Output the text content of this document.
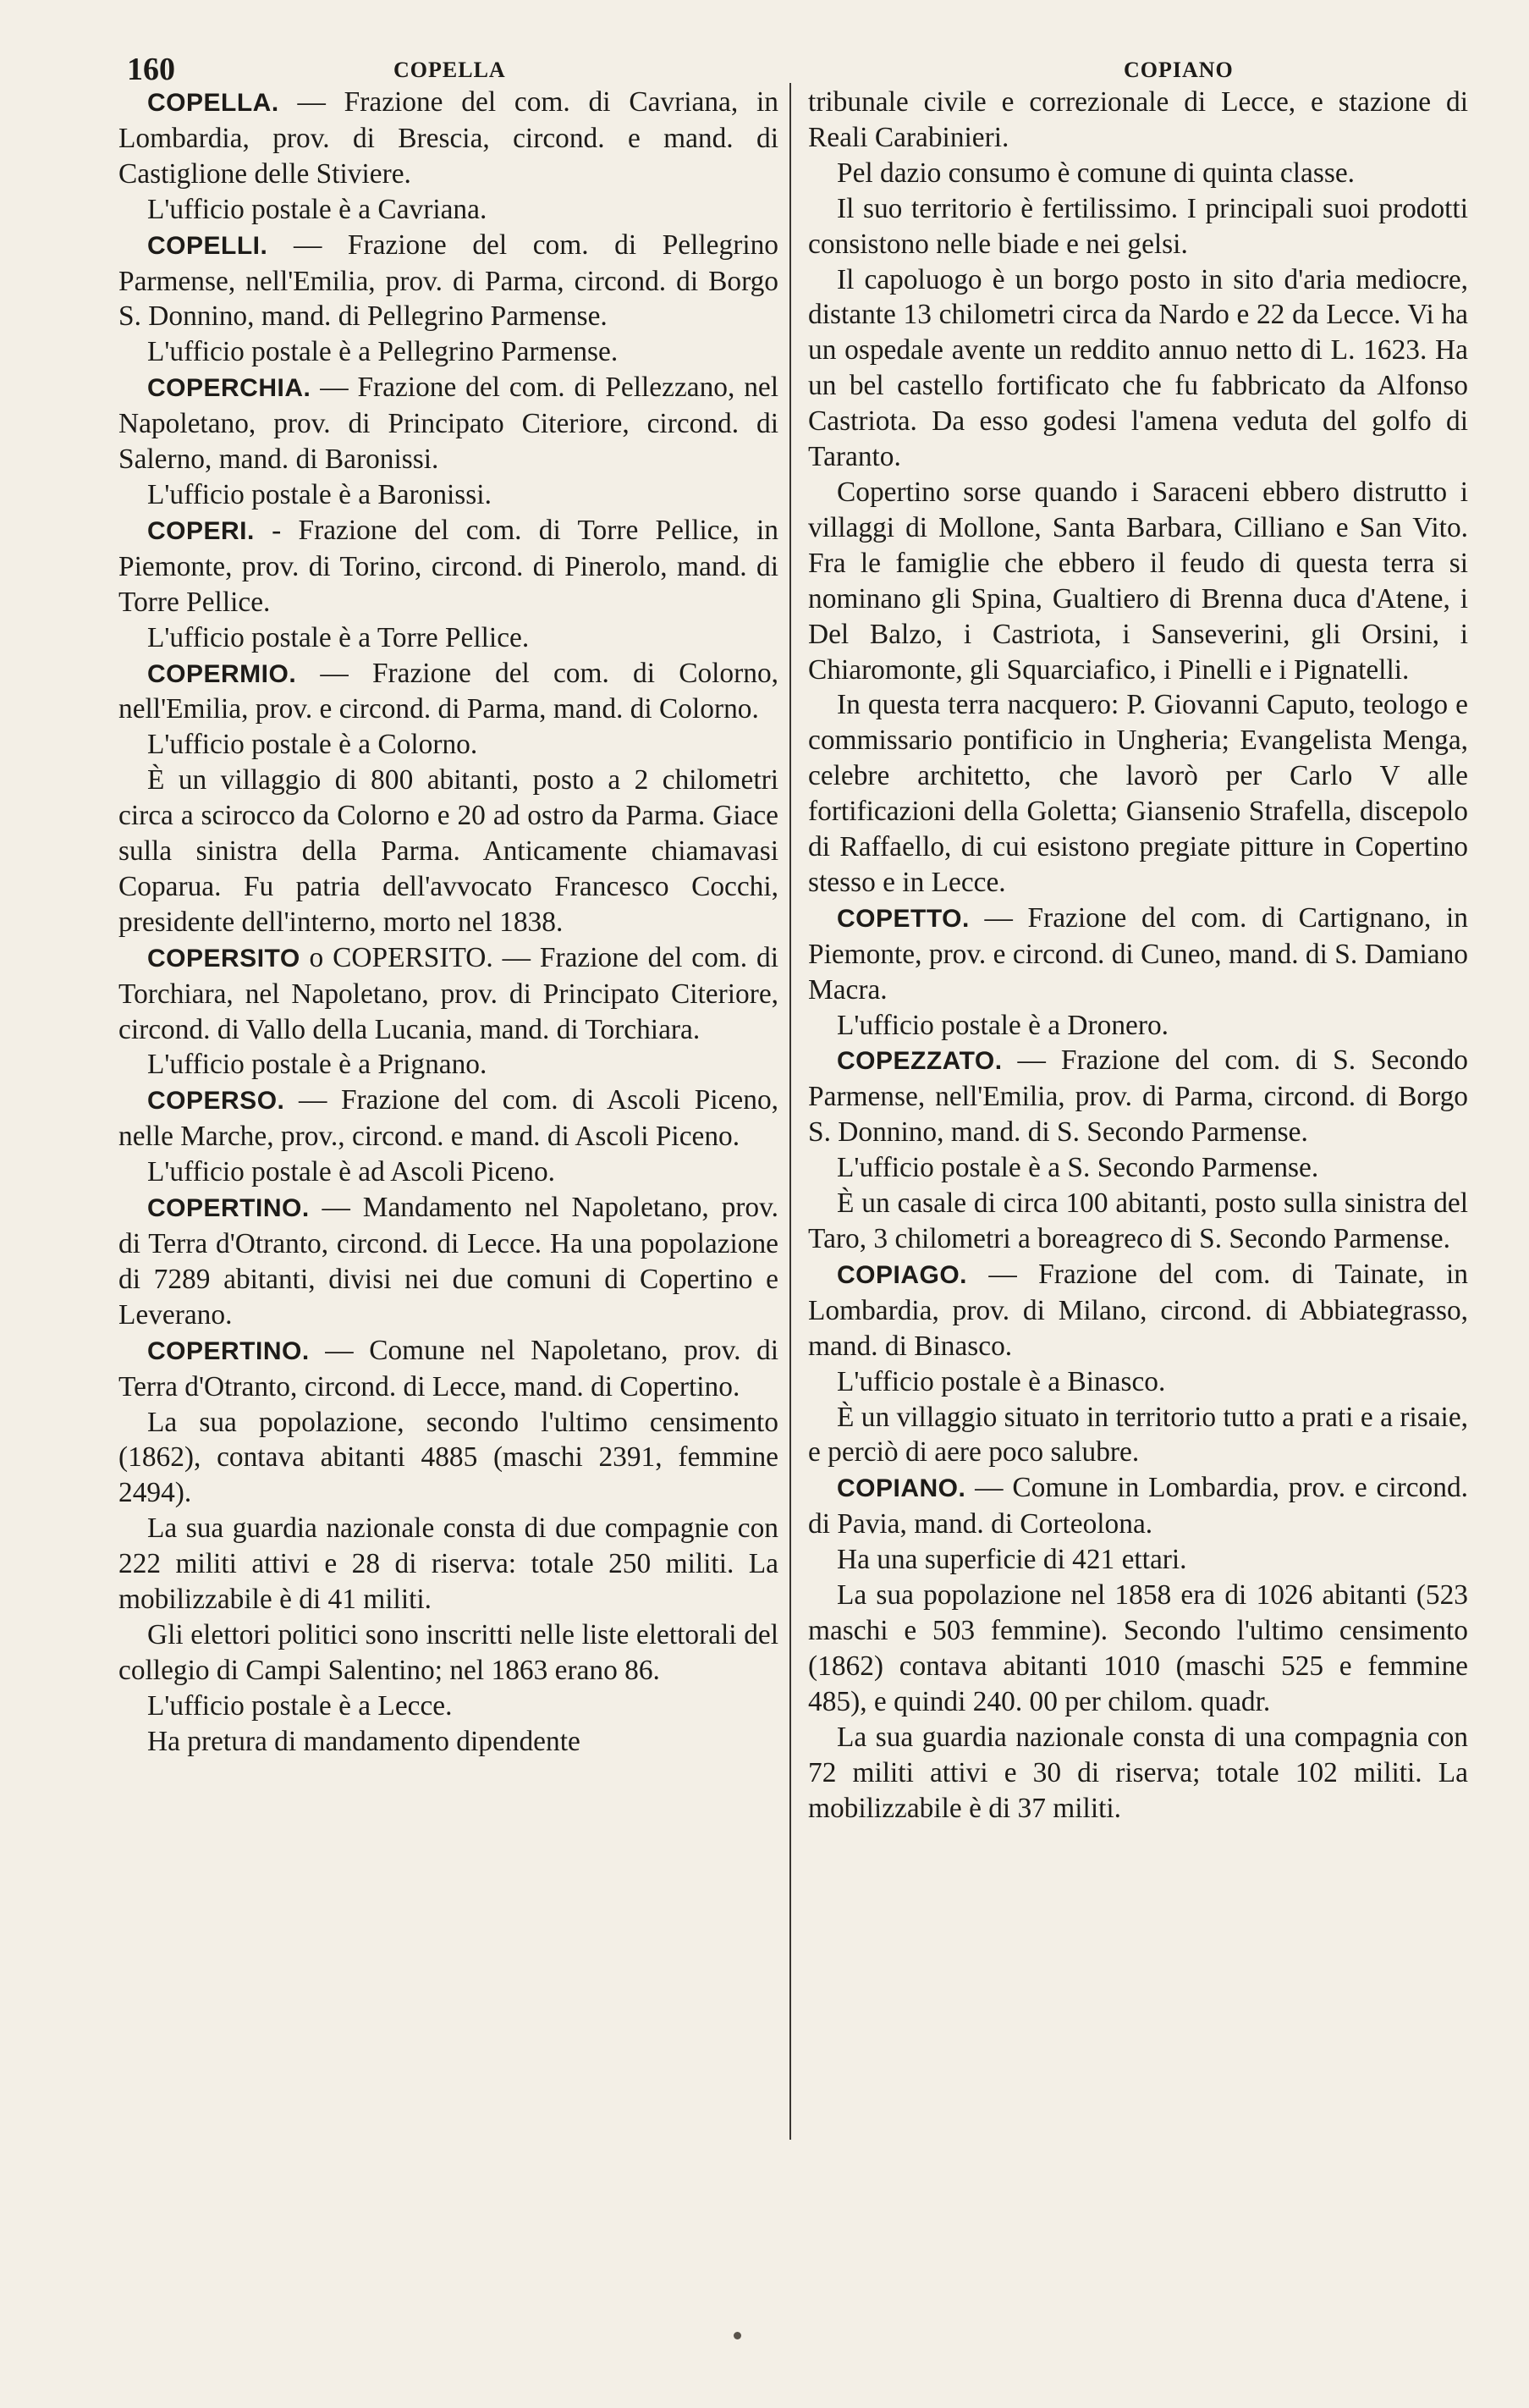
160	COPELLA	COPIANO

COPELLA. — Frazione del com. di Cavriana, in Lombardia, prov. di Brescia, circond. e mand. di Castiglione delle Stiviere.

L'ufficio postale è a Cavriana.

COPELLI. — Frazione del com. di Pellegrino Parmense, nell'Emilia, prov. di Parma, circond. di Borgo S. Donnino, mand. di Pellegrino Parmense.

L'ufficio postale è a Pellegrino Parmense.

COPERCHIA. — Frazione del com. di Pellezzano, nel Napoletano, prov. di Principato Citeriore, circond. di Salerno, mand. di Baronissi.

L'ufficio postale è a Baronissi.

COPERI. - Frazione del com. di Torre Pellice, in Piemonte, prov. di Torino, circond. di Pinerolo, mand. di Torre Pellice.

L'ufficio postale è a Torre Pellice.

COPERMIO. — Frazione del com. di Colorno, nell'Emilia, prov. e circond. di Parma, mand. di Colorno.

L'ufficio postale è a Colorno.

È un villaggio di 800 abitanti, posto a 2 chilometri circa a scirocco da Colorno e 20 ad ostro da Parma. Giace sulla sinistra della Parma. Anticamente chiamavasi Coparua. Fu patria dell'avvocato Francesco Cocchi, presidente dell'interno, morto nel 1838.

COPERSITO o COPERSITO. — Frazione del com. di Torchiara, nel Napoletano, prov. di Principato Citeriore, circond. di Vallo della Lucania, mand. di Torchiara.

L'ufficio postale è a Prignano.

COPERSO. — Frazione del com. di Ascoli Piceno, nelle Marche, prov., circond. e mand. di Ascoli Piceno.

L'ufficio postale è ad Ascoli Piceno.

COPERTINO. — Mandamento nel Napoletano, prov. di Terra d'Otranto, circond. di Lecce. Ha una popolazione di 7289 abitanti, divisi nei due comuni di Copertino e Leverano.

COPERTINO. — Comune nel Napoletano, prov. di Terra d'Otranto, circond. di Lecce, mand. di Copertino.

La sua popolazione, secondo l'ultimo censimento (1862), contava abitanti 4885 (maschi 2391, femmine 2494).

La sua guardia nazionale consta di due compagnie con 222 militi attivi e 28 di riserva: totale 250 militi. La mobilizzabile è di 41 militi.

Gli elettori politici sono inscritti nelle liste elettorali del collegio di Campi Salentino; nel 1863 erano 86.

L'ufficio postale è a Lecce.

Ha pretura di mandamento dipendente

tribunale civile e correzionale di Lecce, e stazione di Reali Carabinieri.

Pel dazio consumo è comune di quinta classe.

Il suo territorio è fertilissimo. I principali suoi prodotti consistono nelle biade e nei gelsi.

Il capoluogo è un borgo posto in sito d'aria mediocre, distante 13 chilometri circa da Nardo e 22 da Lecce. Vi ha un ospedale avente un reddito annuo netto di L. 1623. Ha un bel castello fortificato che fu fabbricato da Alfonso Castriota. Da esso godesi l'amena veduta del golfo di Taranto.

Copertino sorse quando i Saraceni ebbero distrutto i villaggi di Mollone, Santa Barbara, Cilliano e San Vito. Fra le famiglie che ebbero il feudo di questa terra si nominano gli Spina, Gualtiero di Brenna duca d'Atene, i Del Balzo, i Castriota, i Sanseverini, gli Orsini, i Chiaromonte, gli Squarciafico, i Pinelli e i Pignatelli.

In questa terra nacquero: P. Giovanni Caputo, teologo e commissario pontificio in Ungheria; Evangelista Menga, celebre architetto, che lavorò per Carlo V alle fortificazioni della Goletta; Giansenio Strafella, discepolo di Raffaello, di cui esistono pregiate pitture in Copertino stesso e in Lecce.

COPETTO. — Frazione del com. di Cartignano, in Piemonte, prov. e circond. di Cuneo, mand. di S. Damiano Macra.

L'ufficio postale è a Dronero.

COPEZZATO. — Frazione del com. di S. Secondo Parmense, nell'Emilia, prov. di Parma, circond. di Borgo S. Donnino, mand. di S. Secondo Parmense.

L'ufficio postale è a S. Secondo Parmense.

È un casale di circa 100 abitanti, posto sulla sinistra del Taro, 3 chilometri a boreagreco di S. Secondo Parmense.

COPIAGO. — Frazione del com. di Tainate, in Lombardia, prov. di Milano, circond. di Abbiategrasso, mand. di Binasco.

L'ufficio postale è a Binasco.

È un villaggio situato in territorio tutto a prati e a risaie, e perciò di aere poco salubre.

COPIANO. — Comune in Lombardia, prov. e circond. di Pavia, mand. di Corteolona.

Ha una superficie di 421 ettari.

La sua popolazione nel 1858 era di 1026 abitanti (523 maschi e 503 femmine). Secondo l'ultimo censimento (1862) contava abitanti 1010 (maschi 525 e femmine 485), e quindi 240. 00 per chilom. quadr.

La sua guardia nazionale consta di una compagnia con 72 militi attivi e 30 di riserva; totale 102 militi. La mobilizzabile è di 37 militi.
